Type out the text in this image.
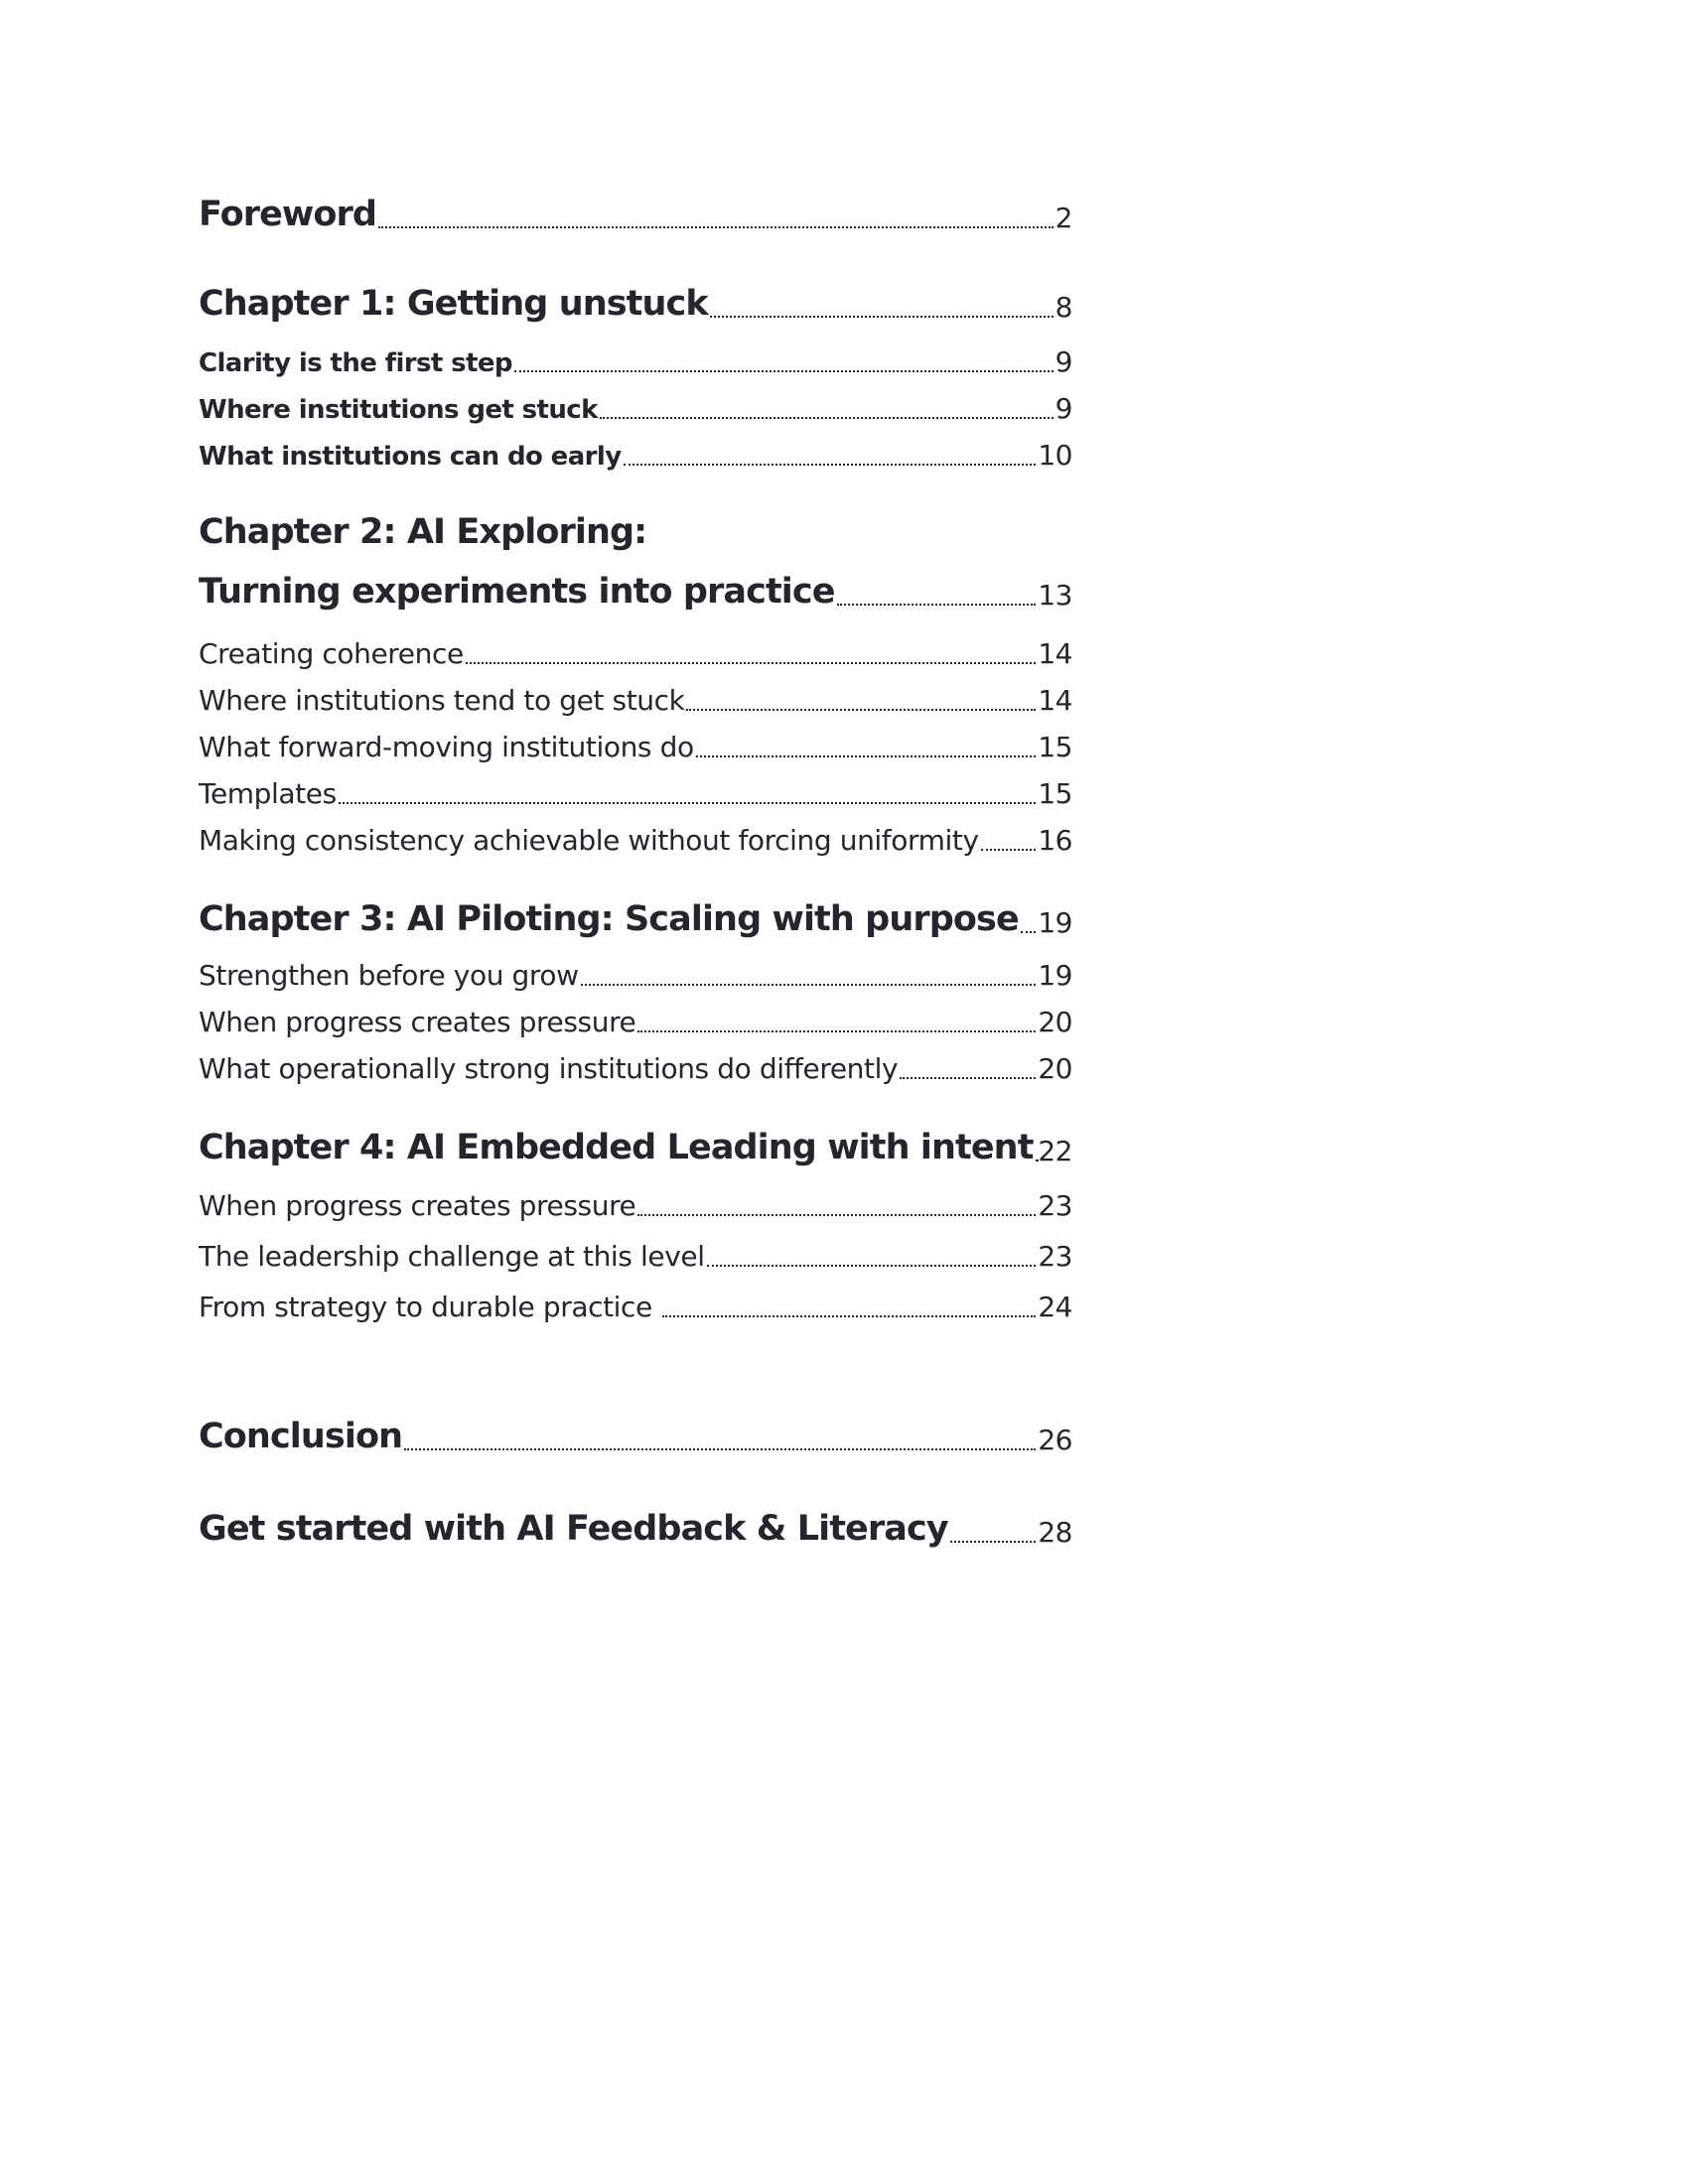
Foreword	2
Chapter 1: Getting unstuck	8
Clarity is the first step	9
Where institutions get stuck	9
What institutions can do early	10
Chapter 2: AI Exploring:
Turning experiments into practice	13
Creating coherence	14
Where institutions tend to get stuck	14
What forward-moving institutions do	15
Templates	15
Making consistency achievable without forcing uniformity 16
Chapter 3: AI Piloting: Scaling with purpose 19
Strengthen before you grow	19
When progress creates pressure	20
What operationally strong institutions do differently	20
Chapter 4: AI Embedded Leading with intent 22
When progress creates pressure	23
The leadership challenge at this level	23
From strategy to durable practice	24
Conclusion	26
Get started with AI Feedback & Literacy	28
